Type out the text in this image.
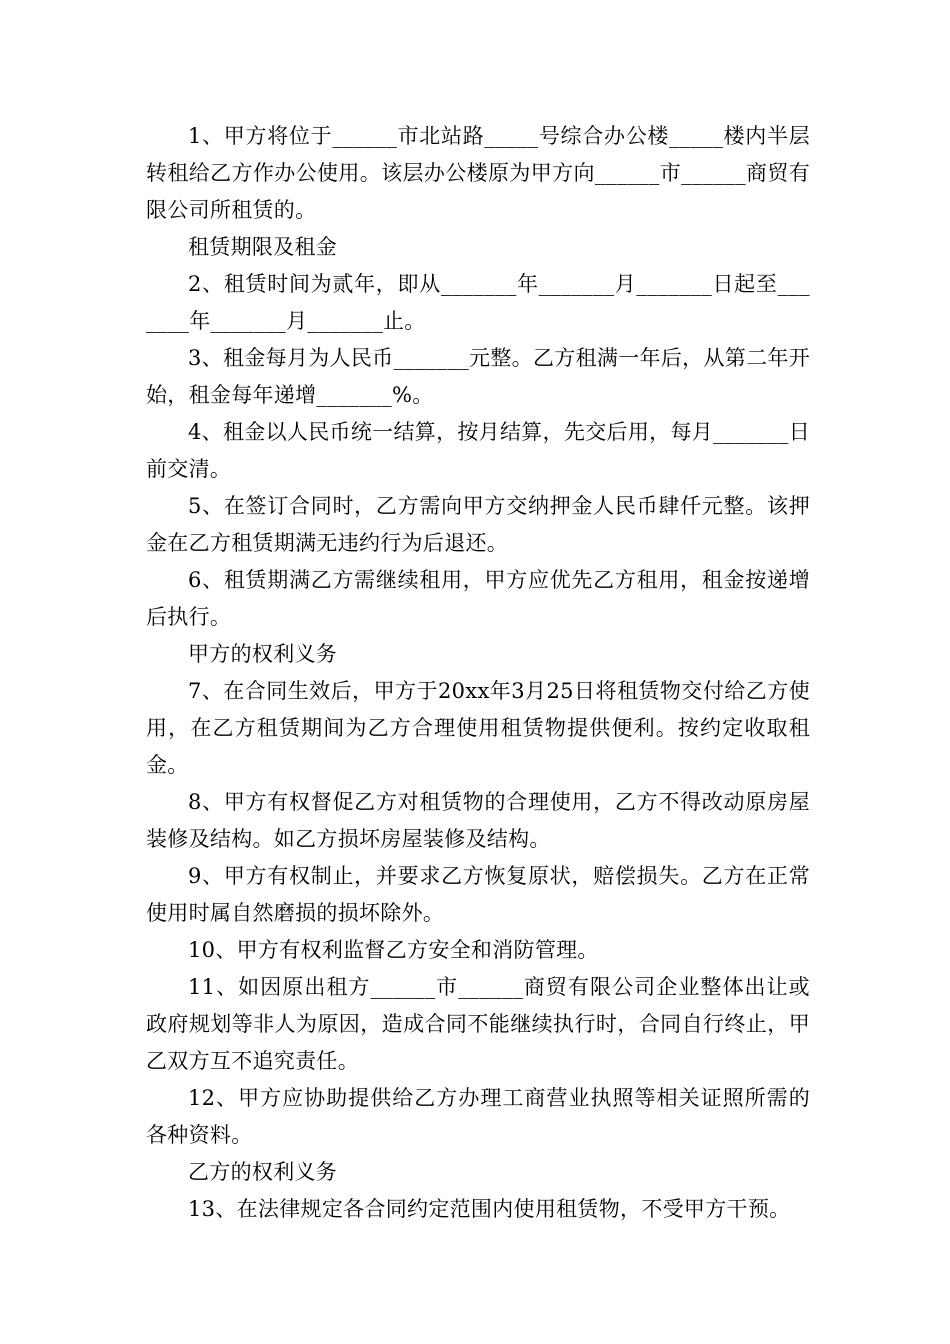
1、甲方将位于______市北站路_____号综合办公楼_____楼内半层转租给乙方作办公使用。该层办公楼原为甲方向______市______商贸有限公司所租赁的。

租赁期限及租金

2、租赁时间为贰年，即从_______年_______月_______日起至_______年_______月_______止。

3、租金每月为人民币_______元整。乙方租满一年后，从第二年开始，租金每年递增_______%。

4、租金以人民币统一结算，按月结算，先交后用，每月_______日前交清。

5、在签订合同时，乙方需向甲方交纳押金人民币肆仟元整。该押金在乙方租赁期满无违约行为后退还。

6、租赁期满乙方需继续租用，甲方应优先乙方租用，租金按递增后执行。

甲方的权利义务

7、在合同生效后，甲方于20xx年3月25日将租赁物交付给乙方使用，在乙方租赁期间为乙方合理使用租赁物提供便利。按约定收取租金。

8、甲方有权督促乙方对租赁物的合理使用，乙方不得改动原房屋装修及结构。如乙方损坏房屋装修及结构。

9、甲方有权制止，并要求乙方恢复原状，赔偿损失。乙方在正常使用时属自然磨损的损坏除外。

10、甲方有权利监督乙方安全和消防管理。

11、如因原出租方______市______商贸有限公司企业整体出让或政府规划等非人为原因，造成合同不能继续执行时，合同自行终止，甲乙双方互不追究责任。

12、甲方应协助提供给乙方办理工商营业执照等相关证照所需的各种资料。

乙方的权利义务

13、在法律规定各合同约定范围内使用租赁物，不受甲方干预。
